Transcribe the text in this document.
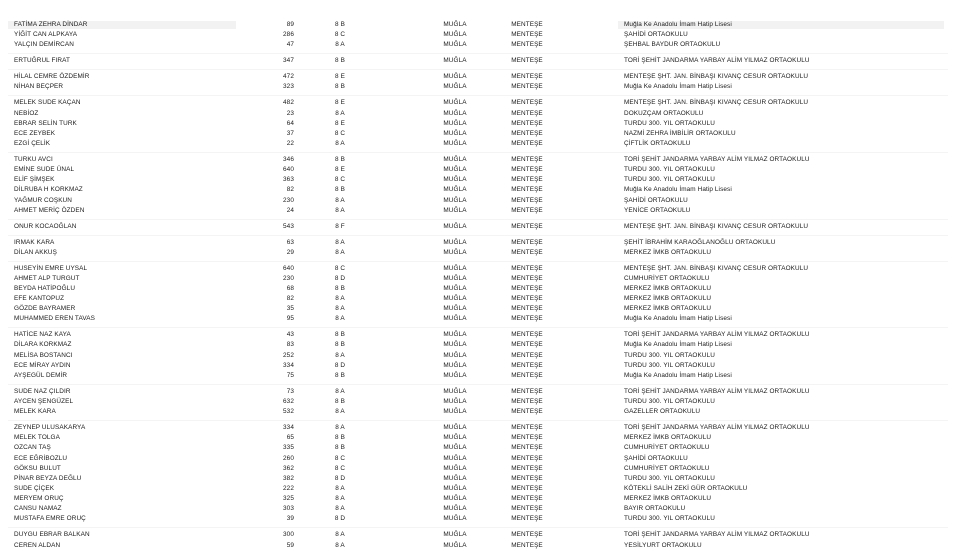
FATİMA ZEHRA DİNDAR	89	8 B	MUĞLA	MENTEŞE	Muğla Ke Anadolu İmam Hatip Lisesi
YİĞİT CAN ALPKAYA	286	8 C	MUĞLA	MENTEŞE	ŞAHİDİ ORTAOKULU
YALÇIN DEMİRCAN	47	8 A	MUĞLA	MENTEŞE	ŞEHBAL BAYDUR ORTAOKULU
ERTUĞRUL FIRAT	347	8 B	MUĞLA	MENTEŞE	TORİ ŞEHİT JANDARMA YARBAY ALİM YILMAZ ORTAOKULU
HİLAL CEMRE ÖZDEMİR	472	8 E	MUĞLA	MENTEŞE	MENTEŞE ŞHT. JAN. BİNBAŞI KIVANÇ CESUR ORTAOKULU
NİHAN BEÇPER	323	8 B	MUĞLA	MENTEŞE	Muğla Ke Anadolu İmam Hatip Lisesi
MELEK SUDE KAÇAN	482	8 E	MUĞLA	MENTEŞE	MENTEŞE ŞHT. JAN. BİNBAŞI KIVANÇ CESUR ORTAOKULU
NEBİOZ	23	8 A	MUĞLA	MENTEŞE	DOKUZÇAM ORTAOKULU
EBRAR SELİN TURK	64	8 E	MUĞLA	MENTEŞE	TURDU 300. YIL ORTAOKULU
ECE ZEYBEK	37	8 C	MUĞLA	MENTEŞE	NAZMİ ZEHRA İMBİLİR ORTAOKULU
EZGİ ÇELİK	22	8 A	MUĞLA	MENTEŞE	ÇİFTLİK ORTAOKULU
TURKU AVCI	346	8 B	MUĞLA	MENTEŞE	TORİ ŞEHİT JANDARMA YARBAY ALİM YILMAZ ORTAOKULU
EMİNE SUDE ÜNAL	640	8 E	MUĞLA	MENTEŞE	TURDU 300. YIL ORTAOKULU
ELİF ŞİMŞEK	363	8 C	MUĞLA	MENTEŞE	TURDU 300. YIL ORTAOKULU
DİLRUBA H KORKMAZ	82	8 B	MUĞLA	MENTEŞE	Muğla Ke Anadolu İmam Hatip Lisesi
YAĞMUR COŞKUN	230	8 A	MUĞLA	MENTEŞE	ŞAHİDİ ORTAOKULU
AHMET MERİÇ ÖZDEN	24	8 A	MUĞLA	MENTEŞE	YENİCE ORTAOKULU
ONUR KOCAOĞLAN	543	8 F	MUĞLA	MENTEŞE	MENTEŞE ŞHT. JAN. BİNBAŞI KIVANÇ CESUR ORTAOKULU
IRMAK KARA	63	8 A	MUĞLA	MENTEŞE	ŞEHİT İBRAHİM KARAOĞLANOĞLU ORTAOKULU
DİLAN AKKUŞ	29	8 A	MUĞLA	MENTEŞE	MERKEZ İMKB ORTAOKULU
HUSEYİN EMRE UYSAL	640	8 C	MUĞLA	MENTEŞE	MENTEŞE ŞHT. JAN. BİNBAŞI KIVANÇ CESUR ORTAOKULU
AHMET ALP TURGUT	230	8 D	MUĞLA	MENTEŞE	CUMHURİYET ORTAOKULU
BEYDA HATİPOĞLU	68	8 B	MUĞLA	MENTEŞE	MERKEZ İMKB ORTAOKULU
EFE KANTOPUZ	82	8 A	MUĞLA	MENTEŞE	MERKEZ İMKB ORTAOKULU
GÖZDE BAYRAMER	35	8 A	MUĞLA	MENTEŞE	MERKEZ İMKB ORTAOKULU
MUHAMMED EREN TAVAS	95	8 A	MUĞLA	MENTEŞE	Muğla Ke Anadolu İmam Hatip Lisesi
HATİCE NAZ KAYA	43	8 B	MUĞLA	MENTEŞE	TORİ ŞEHİT JANDARMA YARBAY ALİM YILMAZ ORTAOKULU
DİLARA KORKMAZ	83	8 B	MUĞLA	MENTEŞE	Muğla Ke Anadolu İmam Hatip Lisesi
MELİSA BOSTANCI	252	8 A	MUĞLA	MENTEŞE	TURDU 300. YIL ORTAOKULU
ECE MİRAY AYDIN	334	8 D	MUĞLA	MENTEŞE	TURDU 300. YIL ORTAOKULU
AYŞEGÜL DEMİR	75	8 B	MUĞLA	MENTEŞE	Muğla Ke Anadolu İmam Hatip Lisesi
SUDE NAZ ÇILDIR	73	8 A	MUĞLA	MENTEŞE	TORİ ŞEHİT JANDARMA YARBAY ALİM YILMAZ ORTAOKULU
AYCEN ŞENGÜZEL	632	8 B	MUĞLA	MENTEŞE	TURDU 300. YIL ORTAOKULU
MELEK KARA	532	8 A	MUĞLA	MENTEŞE	GAZELLER ORTAOKULU
ZEYNEP ULUSAKARYA	334	8 A	MUĞLA	MENTEŞE	TORİ ŞEHİT JANDARMA YARBAY ALİM YILMAZ ORTAOKULU
MELEK TOLGA	65	8 B	MUĞLA	MENTEŞE	MERKEZ İMKB ORTAOKULU
OZCAN TAŞ	335	8 B	MUĞLA	MENTEŞE	CUMHURİYET ORTAOKULU
ECE EĞRİBOZLU	260	8 C	MUĞLA	MENTEŞE	ŞAHİDİ ORTAOKULU
GÖKSU BULUT	362	8 C	MUĞLA	MENTEŞE	CUMHURİYET ORTAOKULU
PİNAR BEYZA DEĞLU	382	8 D	MUĞLA	MENTEŞE	TURDU 300. YIL ORTAOKULU
SUDE ÇİÇEK	222	8 A	MUĞLA	MENTEŞE	KÖTEKLİ SALİH ZEKİ GÜR ORTAOKULU
MERYEM ORUÇ	325	8 A	MUĞLA	MENTEŞE	MERKEZ İMKB ORTAOKULU
CANSU NAMAZ	303	8 A	MUĞLA	MENTEŞE	BAYIR ORTAOKULU
MUSTAFA EMRE ORUÇ	39	8 D	MUĞLA	MENTEŞE	TURDU 300. YIL ORTAOKULU
DUYGU EBRAR BALKAN	300	8 A	MUĞLA	MENTEŞE	TORİ ŞEHİT JANDARMA YARBAY ALİM YILMAZ ORTAOKULU
CEREN ALDAN	59	8 A	MUĞLA	MENTEŞE	YESİLYURT ORTAOKULU
